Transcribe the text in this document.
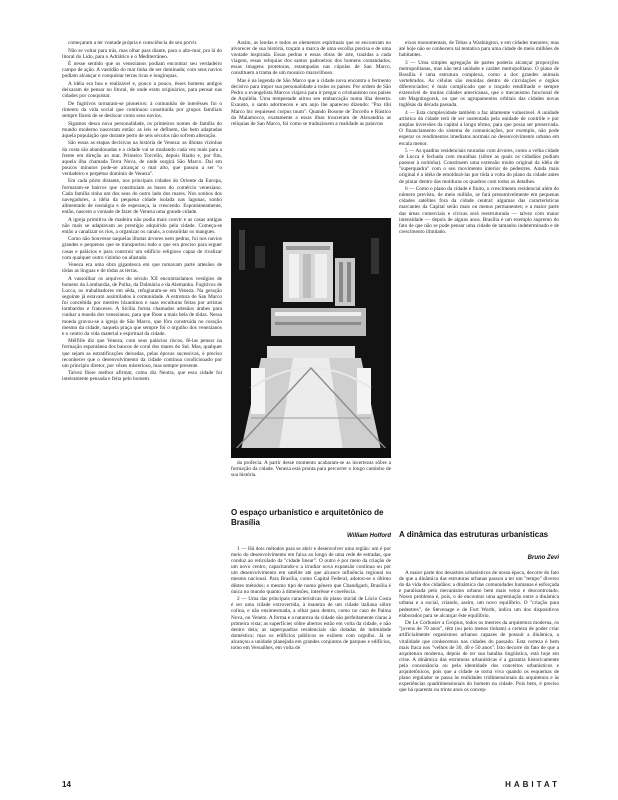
começaram a ter vontade própria e consciência de seu porvir.

Não se voltar para trás, mas olhar para diante, para o alto-mar, pra lá do litoral do Lido, para o Adriático e o Mediterrâneo.

É nesse sentido que os venezianos podiam encontrar seu verdadeiro campo de ação. A vastidão do mar tinha de ser dominada; com seus navios podiam alcançar e conquistar terras ricas e longínquas.

A idéia era boa e realizável e, pouco a pouco, êsses homens antigos deixaram de pensar no litoral, de onde eram originários, para pensar nas cidades por conquistar.

De fugitivos tornaram-se pioneiros: à comunhão de interêsses foi o rimento da vida social que continuou constituída por grupos familiais sempre fáceis de se deslocar como seus navios.

Sigamos dessa nova personalidade, os primeiros nomes de família do mundo moderno nasceram então: as leis se definem, tão bem adaptadas àquela população que durante perto de seis séculos não sofrem alteração.

São essas as etapas decisivas na história de Veneza: as ilhotas vizinhas da costa são abandonadas e a cidade vai se mudando cada vez mais para a frente em direção ao mar. Primeiro Torcello, depois Rialto e, por fim, aquela ilha chamada Terra Nova, de onde surgirá São Marco. Dai em poucos minutos pode-se alcançar o mar alto, que passou a ser "o verdadeiro e perpétuo domínio de Veneza".

Em cada pôrto distante, nos principais cidades do Oriente da Europa, formaram-se bairros que constituíam as bases do comércio veneziano. Cada família tinha um dos seus do outro lado dos mares. Nos sonhos dos navegadores, a idéia da pequena cidade isolada nas lagunas, sonho alimentado de nostalgia e de esperança, ia crescendo. Espontaneamente, então, nascem a vontade de fazer de Veneza uma grande cidade.

A igreja primitiva de madeira não podia mais convir e as casas antigas não mais se adaptavam ao prestígio adquirido pela cidade. Começa-se então a canalizar os rios, a organizar os canais, a consolidar os mangues.

Como não houvesse naquelas ilhotas árvores nem pedras, foi nos navios grandes e pequenos que se transportou tudo o que era preciso para erguer casas e palácios e para construir um edifício religioso capaz de rivalizar com qualquer outro vizinho ou afastado.

Veneza era uma obra gigantesca em que tomavam parte artesãos de tôdas as línguas e de tôdas as terras.

A vassoilhar os arquivos do século XII encontraríamos vestígios de homens da Lombardia, de Pulha, da Dalmácia e da Alemanha. Fugitivos de Lucca, os trabalhadores em sêda, refugiaram-se em Veneza. Na geração seguinte já estavam assimilados à comunidade. A estrutura de San Marco foi concebida por mestres bizantinos e suas esculturas feitas por artistas lombardos e franceses. A Sicília forma chamados artesãos árabes para cunhar a moeda dos venezianos, para que fôsse a mais bela de tôdas. Nessa moeda gravou-se a igreja de São Marco, que fôra construída no coração mesmo da cidade, naquela praça que sempre foi o orgulho dos venezianos e o centro da vida material e espiritual da cidade.

Mélfille diz que Veneza, com seus palácios riscos, fê-las pensar na formação espontânea dos bancos de coral dos mares do Sul. Mas, qualquer que sejam as estratificações deixadas, pelas épocas sucessivas, é preciso reconhecer que o desenvolvimento da cidade contínua condicionado por um princípio diretor, por vêzes misterioso, mas sempre presente.

Talvez fôsse melhor afirmar, como diz Neutra, que essa cidade foi inteiramente pensada e feita pelo homem.

Assim, as lendas e todos os elementos espirituais que se encontram no alvorecer de sua história, traçam a marca de uma escolha precisa e de uma vontade inspirada. Essas pedras e essas obras de arte, trazidas a cada viagem, essas relíquias dos santos padroeiros dos homens comandados, essas imagens protetoras, estampadas nas cúpulas de San Marco, constituem a trama de um mosaico maravilhoso.

Mas é na legenda de São Marco que a cidade nova encontra o fermento decisivo para impor sua personalidade a todos os países. Por ordem de São Pedro o evangelista Marcos viajava para ir pregar o cristianismo nos países de Aquiléia. Uma tempestade atirou seu embarcação numa ilha deserta. Exausto, o santo adormeceu e um anjo lhe apareceu dizendo: "Pax tibi Marco hic requiesest corpus tuum". Quando Bosone de Torcello e Rústico da Malamocco, exatamente a essas ilhas trouxeram de Alexandria as relíquias de San Marco, foi como se traduzissem a realidade as palavras

da profecia. A partir desse momento acabaram-se as incertezas sôbre a formação da cidade. Veneza está pronta para percorrer o longo caminho de sua história.

O espaço urbanístico e arquitetônico de Brasília
William Holford

1 — Há dois métodos para se abrir e desenvolver uma região: um é por meio do desenvolvimento em faixa ao longo de uma rede de estradas, que conduz ao reticulado da "cidade linear". O outro é por meio da criação de um novo centro, capacitando-o a irradiar nova expansão contínua ou por um desenvolvimento em satélite até que alcance influência regional ou mesmo nacional. Para Brasília, como Capital Federal, adotou-se o último dêstes métodos; o mesmo tipo de nomo gênero que Chandigarh, Brasília é única no mundo quanto à dimensões, interêsse e coerência.

2 — Uma das principais características do plano inicial de Lúcio Costa é ser uma cidade extrovertida, à maneira de um cidade italiana sôbre colina, e não ensimesmada, a olhar para dentro, como no caso de Palma Nova, ou Veneto. A forma e a natureza da cidade são perfeitamente claras à primeira vista; as superfícies sôbre abertos estão em volta da cidade, e não dentro dela; as superquadras residenciais são dotadas de intimidade doméstica; mas os edifícios públicos se exibem com orgulho. Já se alcançou a unidade planejada em grandes conjuntos de parques e edifícios, tomo em Versailhes, em volta de

eixos monumentais, de Tebas a Washington, e em cidades menores; mas até hoje não se conhecera tal tentativa para uma cidade de meio milhões de habitantes.

3 — Uma simples agregação de partes poderia alcançar proporções metropolitanas, mas não terá unidade e caráter metropolitano. O plano de Brasília é uma estrutura complexa, como a dos grandes animais vertebrados. As células são reunidas dentro de circulações e órgãos diferenciados; é mais complicado que o traçado rendilhado e sempre extensível de muitas cidades americanas, que o mecanismo funcional de um Magnitogorsk, ou que os agrupamentos orbitais das cidades novas inglêsas da década passada.

4 — Esta complexidade também a faz altamente vulnerável. A unidade artística da cidade terá de ser sustentada pela unidade de contrôle e por amplas inversões da capital a longo têrmo, para que possa ser preservada. O financiamento do sistema de comunicações, por exemplo, não pode esperar os rendimentos imediatos normais no desenvolvimento urbano em escala menor.

5 — As quadras residenciais muradas com árvores, como a velha cidade de Lucca é fechada com muralhas (sôbre as quais os cidadãos podiam passear à noitinha). Constituem uma extensão muito original da idéia de "superquadra" com o seu movimento interior de pedestres. Ainda mais original é a idéia de emoldurá-las por tôda a volta do plano da cidade antes de pintar dentro das molduras os quadros com todos os detalhes.

6 — Como o plano da cidade é finito, o crescimento residencial além do número previsto, de meio milhão, se fará presumivelmente em pequenas cidades satélites fora da cidade central: algumas das características marcantes da Capital serão mais ou menos permanentes; e a maior parte das áreas comerciais e cívicas será reestruturada — talvez com maior intensidade — depois de alguns anos. Brasília é um exemplo supremo do fato de que não se pode pensar uma cidade de tamanho indeterminado e de crescimento ilimitado.

A dinâmica das estruturas urbanísticas
Bruno Zevi

A maior parte dos desastres urbanísticos de nossa época, decorre do fato de que a dinâmica das estruturas urbanas passou a ter um "tempo" diverso do da vida dos cidadãos: a dinâmica das comunidades humanas é esforçada e paralisada pelo mecanismo urbano bem mais veloz e descontrolado. Nosso problema é, pois, o de encontrar uma agremiação entre a dinâmica urbana e a social, criando, assim, um novo equilíbrio. O "criação para pedestres", de Stevenage e de Fort Worth, indica um dos dispositivos elaborados para se alcançar êste equilíbrio.

De Le Corbusier a Gropius, todos os mestres da arquitetura moderna, os "jovens de 70 anos", têm (ou pelo menos tinham) a certeza de poder criar artificialmente organismos urbanos capazes de possuir a dinâmica, a vitalidade que conhecemos nas cidades do passado. Esta certeza é bem mais fraca nos "velhos de 30, 40 e 50 anos". Isto decorre do fato de que a arquitetura moderna, depois de ter sua batalha lingüística, está hoje em crise. A dinâmica das estruturas urbanísticas é a garantia historicamente pela consonância ou pela identidade dos conceitos urbanísticos e arquitetônicos, pois que a cidade se torna viva quando os esquemas de plano regulador se passa às realidades tridimensionais da arquitetura e às experiências quadrimensionais do homem na cidade. Pois bem, é preciso que há quarenta ou trinta anos os concep-

14	HABITAT
